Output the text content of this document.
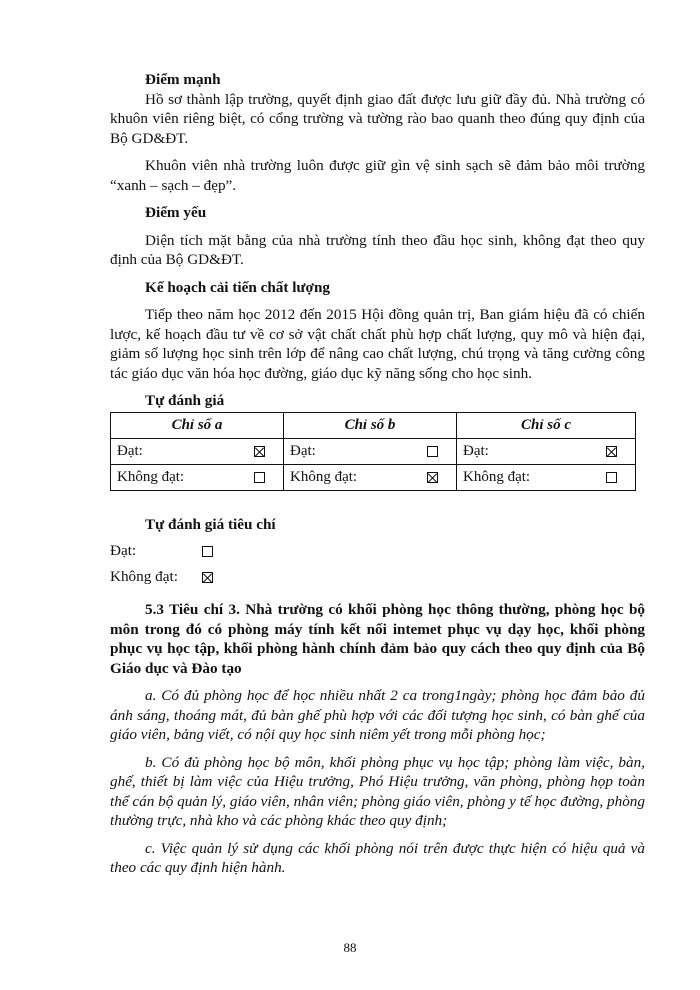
Điểm mạnh

Hồ sơ thành lập trường, quyết định giao đất được lưu giữ đầy đủ. Nhà trường có khuôn viên riêng biệt, có cổng trường và tường rào bao quanh theo đúng quy định của Bộ GD&ĐT.

Khuôn viên nhà trường luôn được giữ gìn vệ sinh sạch sẽ đảm bảo môi trường “xanh – sạch – đẹp”.

Điểm yếu

Diện tích mặt bằng của nhà trường tính theo đầu học sinh, không đạt theo quy định của Bộ GD&ĐT.

Kế hoạch cải tiến chất lượng

Tiếp theo năm học 2012 đến 2015 Hội đồng quản trị, Ban giám hiệu đã có chiến lược, kế hoạch đầu tư về cơ sở vật chất chất phù hợp chất lượng, quy mô và hiện đại, giảm số lượng học sinh trên lớp để nâng cao chất lượng, chú trọng và tăng cường công tác giáo dục văn hóa học đường, giáo dục kỹ năng sống cho học sinh.

Tự đánh giá

Chỉ số a	Chỉ số b	Chỉ số c

Đạt:	Đạt:	Đạt:

Không đạt:	Không đạt:	Không đạt:

Tự đánh giá tiêu chí

Đạt:
Không đạt:

5.3 Tiêu chí 3. Nhà trường có khối phòng học thông thường, phòng học bộ môn trong đó có phòng máy tính kết nối intemet phục vụ dạy học, khối phòng phục vụ học tập, khối phòng hành chính đảm bảo quy cách theo quy định của Bộ Giáo dục và Đào tạo

a. Có đủ phòng học để học nhiều nhất 2 ca trong1ngày; phòng học đảm bảo đủ ánh sáng, thoáng mát, đủ bàn ghế phù hợp với các đối tượng học sinh, có bàn ghế của giáo viên, bảng viết, có nội quy học sinh niêm yết trong mỗi phòng học;

b. Có đủ phòng học bộ môn, khối phòng phục vụ học tập; phòng làm việc, bàn, ghế, thiết bị làm việc của Hiệu trưởng, Phó Hiệu trưởng, văn phòng, phòng họp toàn thể cán bộ quản lý, giáo viên, nhân viên; phòng giáo viên, phòng y tế học đường, phòng thường trực, nhà kho và các phòng khác theo quy định;

c. Việc quản lý sử dụng các khối phòng nói trên được thực hiện có hiệu quả và theo các quy định hiện hành.

88
